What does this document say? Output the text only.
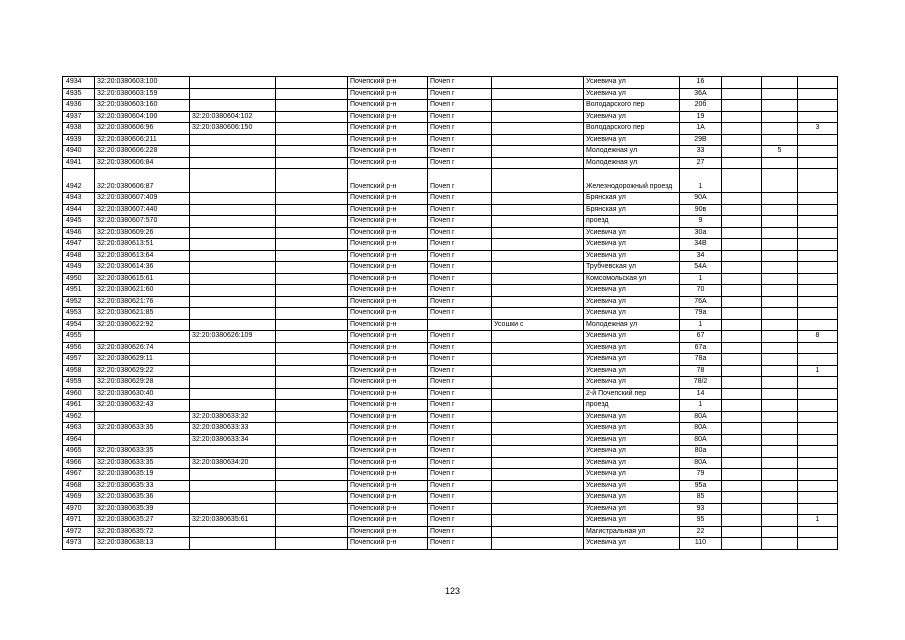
4934	32:20:0380603:100			Почепский р-н	Почеп г		Усиевича ул	16			
4935	32:20:0380603:159			Почепский р-н	Почеп г		Усиевича ул	36А			
4936	32:20:0380603:160			Почепский р-н	Почеп г		Володарского пер	20б			
4937	32:20:0380604:100	32:20:0380604:102		Почепский р-н	Почеп г		Усиевича ул	19			
4938	32:20:0380606:96	32:20:0380606:150		Почепский р-н	Почеп г		Володарского пер	1А			3
4939	32:20:0380606:211			Почепский р-н	Почеп г		Усиевича ул	29В			
4940	32:20:0380606:228			Почепский р-н	Почеп г		Молодежная ул	33		5	
4941	32:20:0380606:84			Почепский р-н	Почеп г		Молодежная ул	27			
4942	32:20:0380606:87			Почепский р-н	Почеп г		Железнодорожный проезд	1			
4943	32:20:0380607:409			Почепский р-н	Почеп г		Брянская ул	90А			
4944	32:20:0380607:440			Почепский р-н	Почеп г		Брянская ул	90в			
4945	32:20:0380607:570			Почепский р-н	Почеп г		проезд	9			
4946	32:20:0380609:26			Почепский р-н	Почеп г		Усиевича ул	30а			
4947	32:20:0380613:51			Почепский р-н	Почеп г		Усиевича ул	34В			
4948	32:20:0380613:64			Почепский р-н	Почеп г		Усиевича ул	34			
4949	32:20:0380614:36			Почепский р-н	Почеп г		Трубчевская ул	54А			
4950	32:20:0380615:61			Почепский р-н	Почеп г		Комсомольская ул	1			
4951	32:20:0380621:60			Почепский р-н	Почеп г		Усиевича ул	70			
4952	32:20:0380621:76			Почепский р-н	Почеп г		Усиевича ул	76А			
4953	32:20:0380621:85			Почепский р-н	Почеп г		Усиевича ул	79а			
4954	32:20:0380622:92			Почепский р-н		Усошки с	Молодежная ул	1			
4955		32:20:0380626:109		Почепский р-н	Почеп г		Усиевича ул	67			8
4956	32:20:0380626:74			Почепский р-н	Почеп г		Усиевича ул	67а			
4957	32:20:0380629:11			Почепский р-н	Почеп г		Усиевича ул	78а			
4958	32:20:0380629:22			Почепский р-н	Почеп г		Усиевича ул	78			1
4959	32:20:0380629:28			Почепский р-н	Почеп г		Усиевича ул	78/2			
4960	32:20:0380630:40			Почепский р-н	Почеп г		2-й Почепский пер	14			
4961	32:20:0380632:43			Почепский р-н	Почеп г		проезд	1			
4962		32:20:0380633:32		Почепский р-н	Почеп г		Усиевича ул	80А			
4963	32:20:0380633:35	32:20:0380633:33		Почепский р-н	Почеп г		Усиевича ул	80А			
4964		32:20:0380633:34		Почепский р-н	Почеп г		Усиевича ул	80А			
4965	32:20:0380633:35			Почепский р-н	Почеп г		Усиевича ул	80а			
4966	32:20:0380633:35	32:20:0380634:20		Почепский р-н	Почеп г		Усиевича ул	80А			
4967	32:20:0380635:19			Почепский р-н	Почеп г		Усиевича ул	79			
4968	32:20:0380635:33			Почепский р-н	Почеп г		Усиевича ул	95а			
4969	32:20:0380635:36			Почепский р-н	Почеп г		Усиевича ул	85			
4970	32:20:0380635:39			Почепский р-н	Почеп г		Усиевича ул	93			
4971	32:20:0380635:27	32:20:0380635:61		Почепский р-н	Почеп г		Усиевича ул	95			1
4972	32:20:0380635:72			Почепский р-н	Почеп г		Магистральная ул	22			
4973	32:20:0380638:13			Почепский р-н	Почеп г		Усиевича ул	110			
123
